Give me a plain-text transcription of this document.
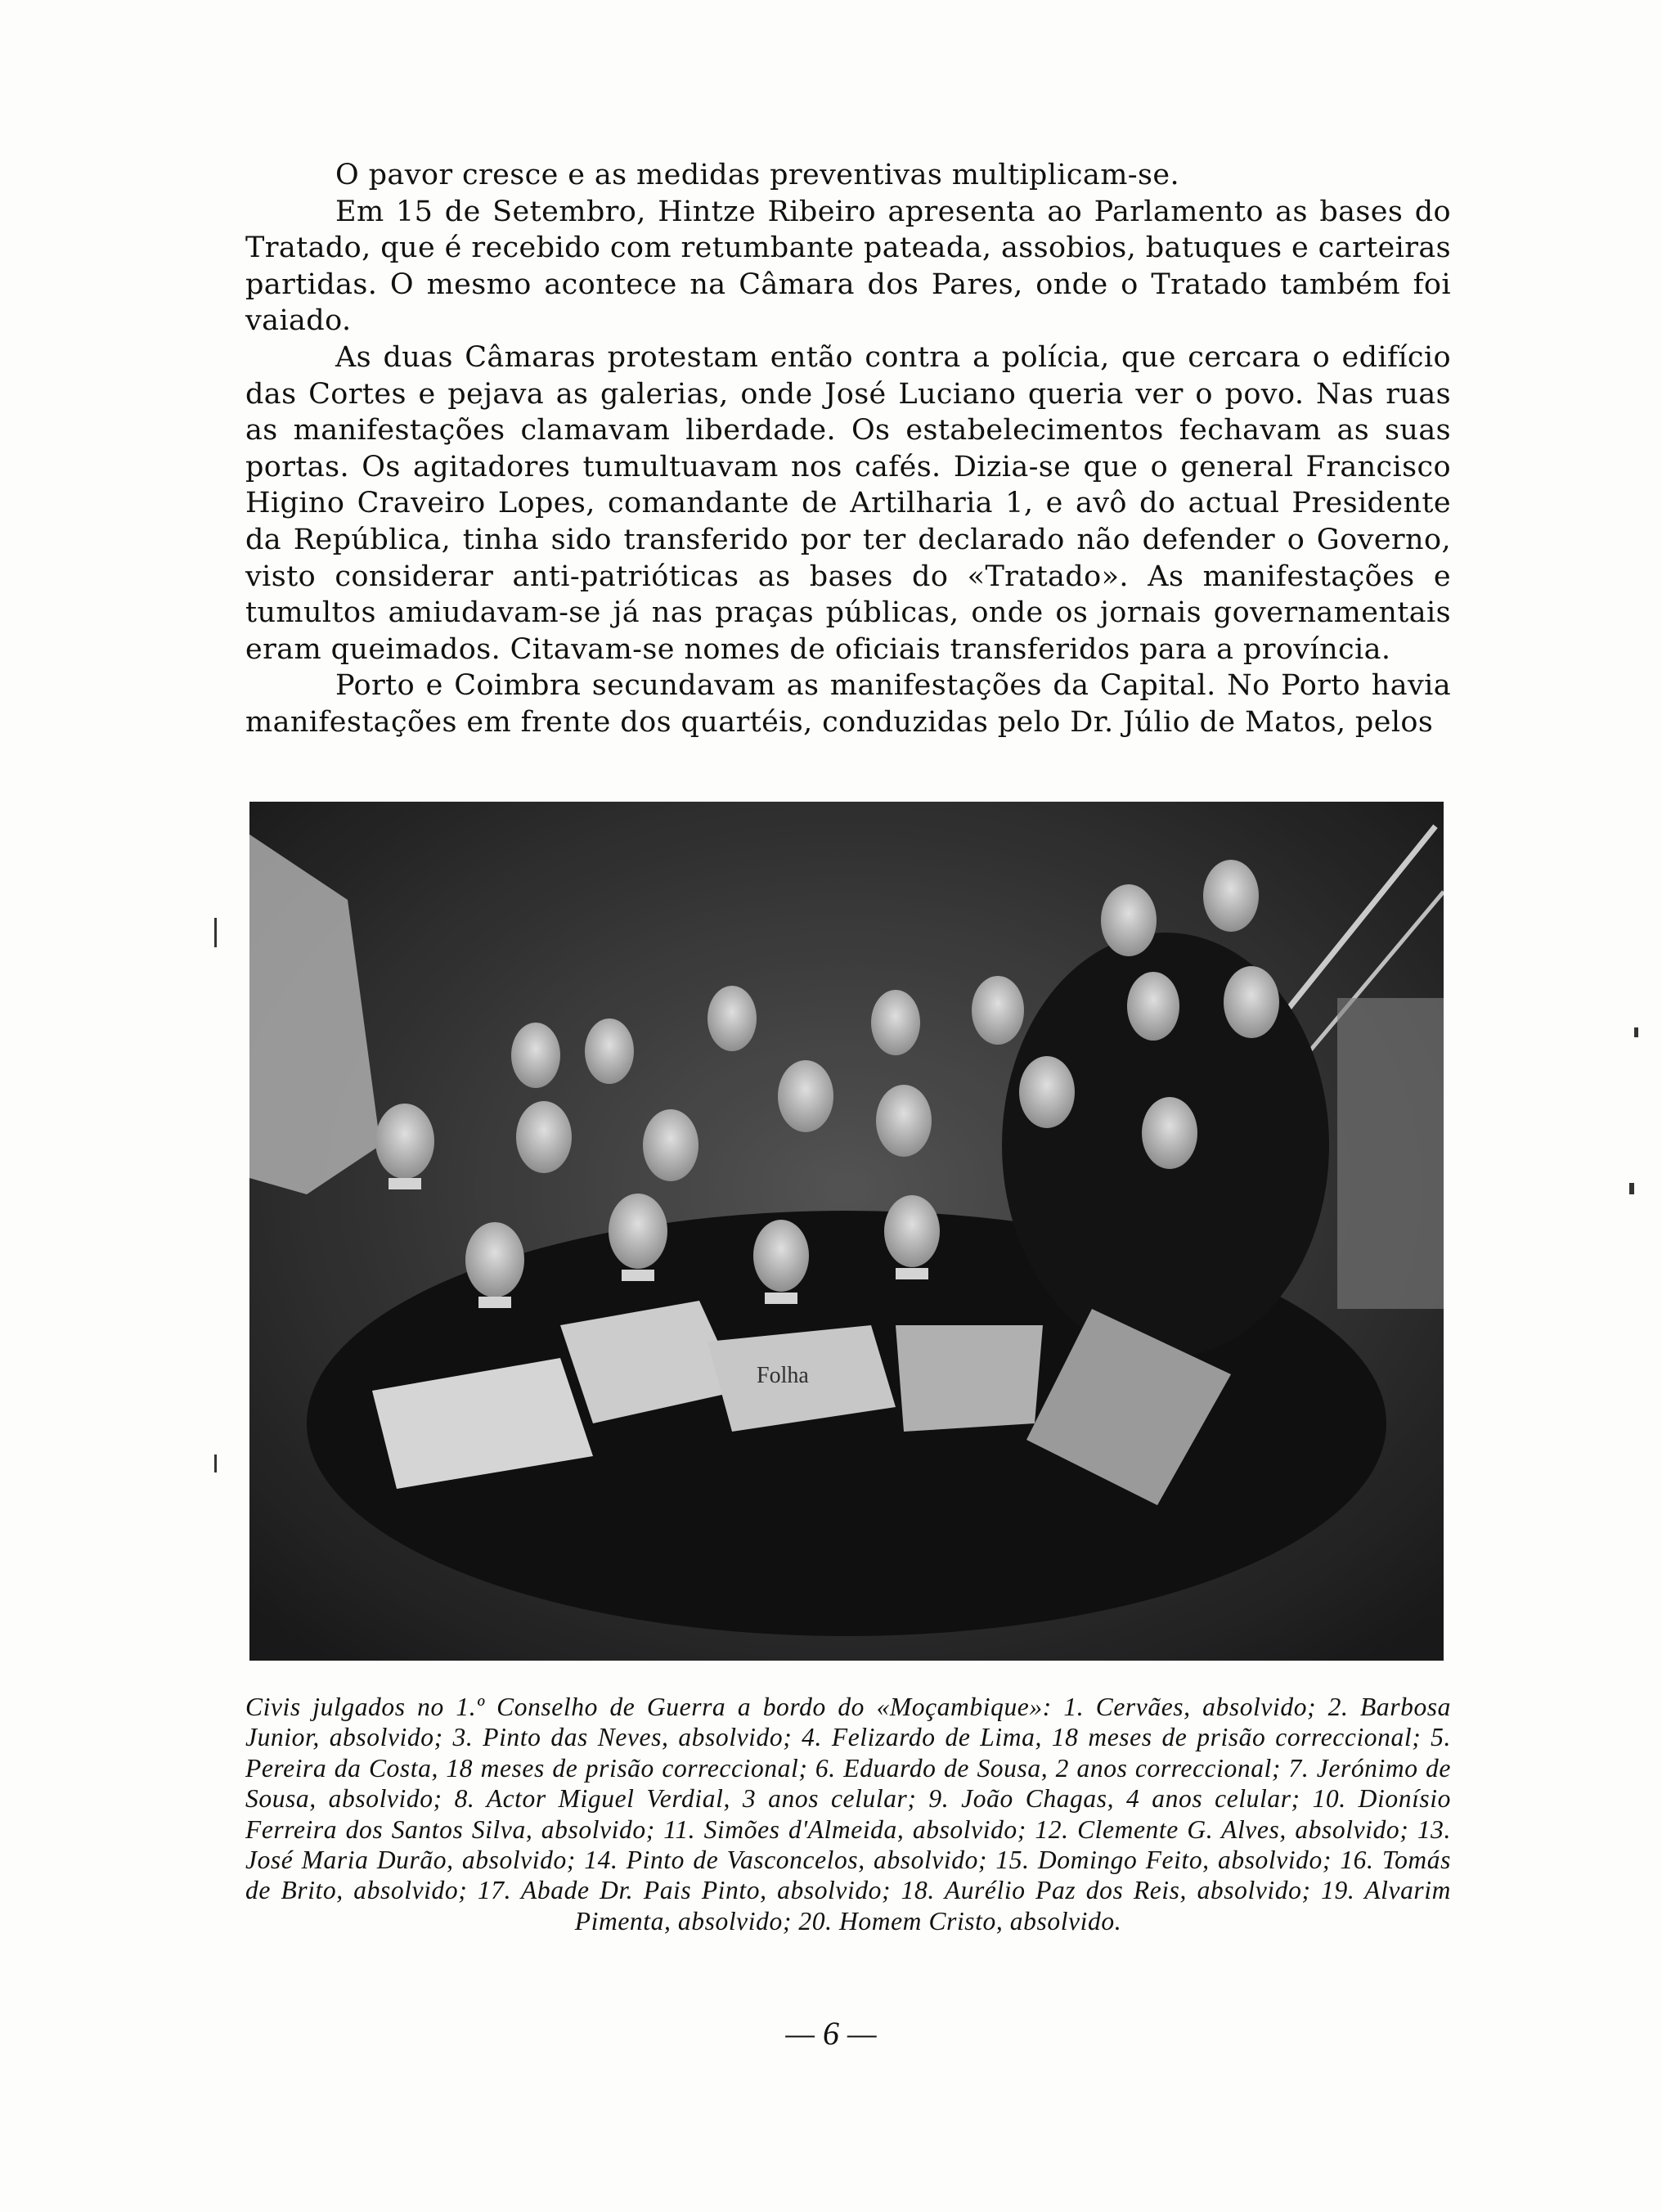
O pavor cresce e as medidas preventivas multiplicam-se.

Em 15 de Setembro, Hintze Ribeiro apresenta ao Parlamento as bases do Tratado, que é recebido com retumbante pateada, assobios, batuques e carteiras partidas. O mesmo acontece na Câmara dos Pares, onde o Tratado também foi vaiado.

As duas Câmaras protestam então contra a polícia, que cercara o edifício das Cortes e pejava as galerias, onde José Luciano queria ver o povo. Nas ruas as manifestações clamavam liberdade. Os estabelecimentos fechavam as suas portas. Os agitadores tumultuavam nos cafés. Dizia-se que o general Francisco Higino Craveiro Lopes, comandante de Artilharia 1, e avô do actual Presidente da República, tinha sido transferido por ter declarado não defender o Governo, visto considerar anti-patrióticas as bases do «Tratado». As manifestações e tumultos amiudavam-se já nas praças públicas, onde os jornais governamentais eram queimados. Citavam-se nomes de oficiais transferidos para a província.

Porto e Coimbra secundavam as manifestações da Capital. No Porto havia manifestações em frente dos quartéis, conduzidas pelo Dr. Júlio de Matos, pelos

Folha
Civis julgados no 1.º Conselho de Guerra a bordo do «Moçambique»: 1. Cervães, absolvido; 2. Barbosa Junior, absolvido; 3. Pinto das Neves, absolvido; 4. Felizardo de Lima, 18 meses de prisão correccional; 5. Pereira da Costa, 18 meses de prisão correccional; 6. Eduardo de Sousa, 2 anos correccional; 7. Jerónimo de Sousa, absolvido; 8. Actor Miguel Verdial, 3 anos celular; 9. João Chagas, 4 anos celular; 10. Dionísio Ferreira dos Santos Silva, absolvido; 11. Simões d'Almeida, absolvido; 12. Clemente G. Alves, absolvido; 13. José Maria Durão, absolvido; 14. Pinto de Vasconcelos, absolvido; 15. Domingo Feito, absolvido; 16. Tomás de Brito, absolvido; 17. Abade Dr. Pais Pinto, absolvido; 18. Aurélio Paz dos Reis, absolvido; 19. Alvarim Pimenta, absolvido; 20. Homem Cristo, absolvido.
— 6 —
